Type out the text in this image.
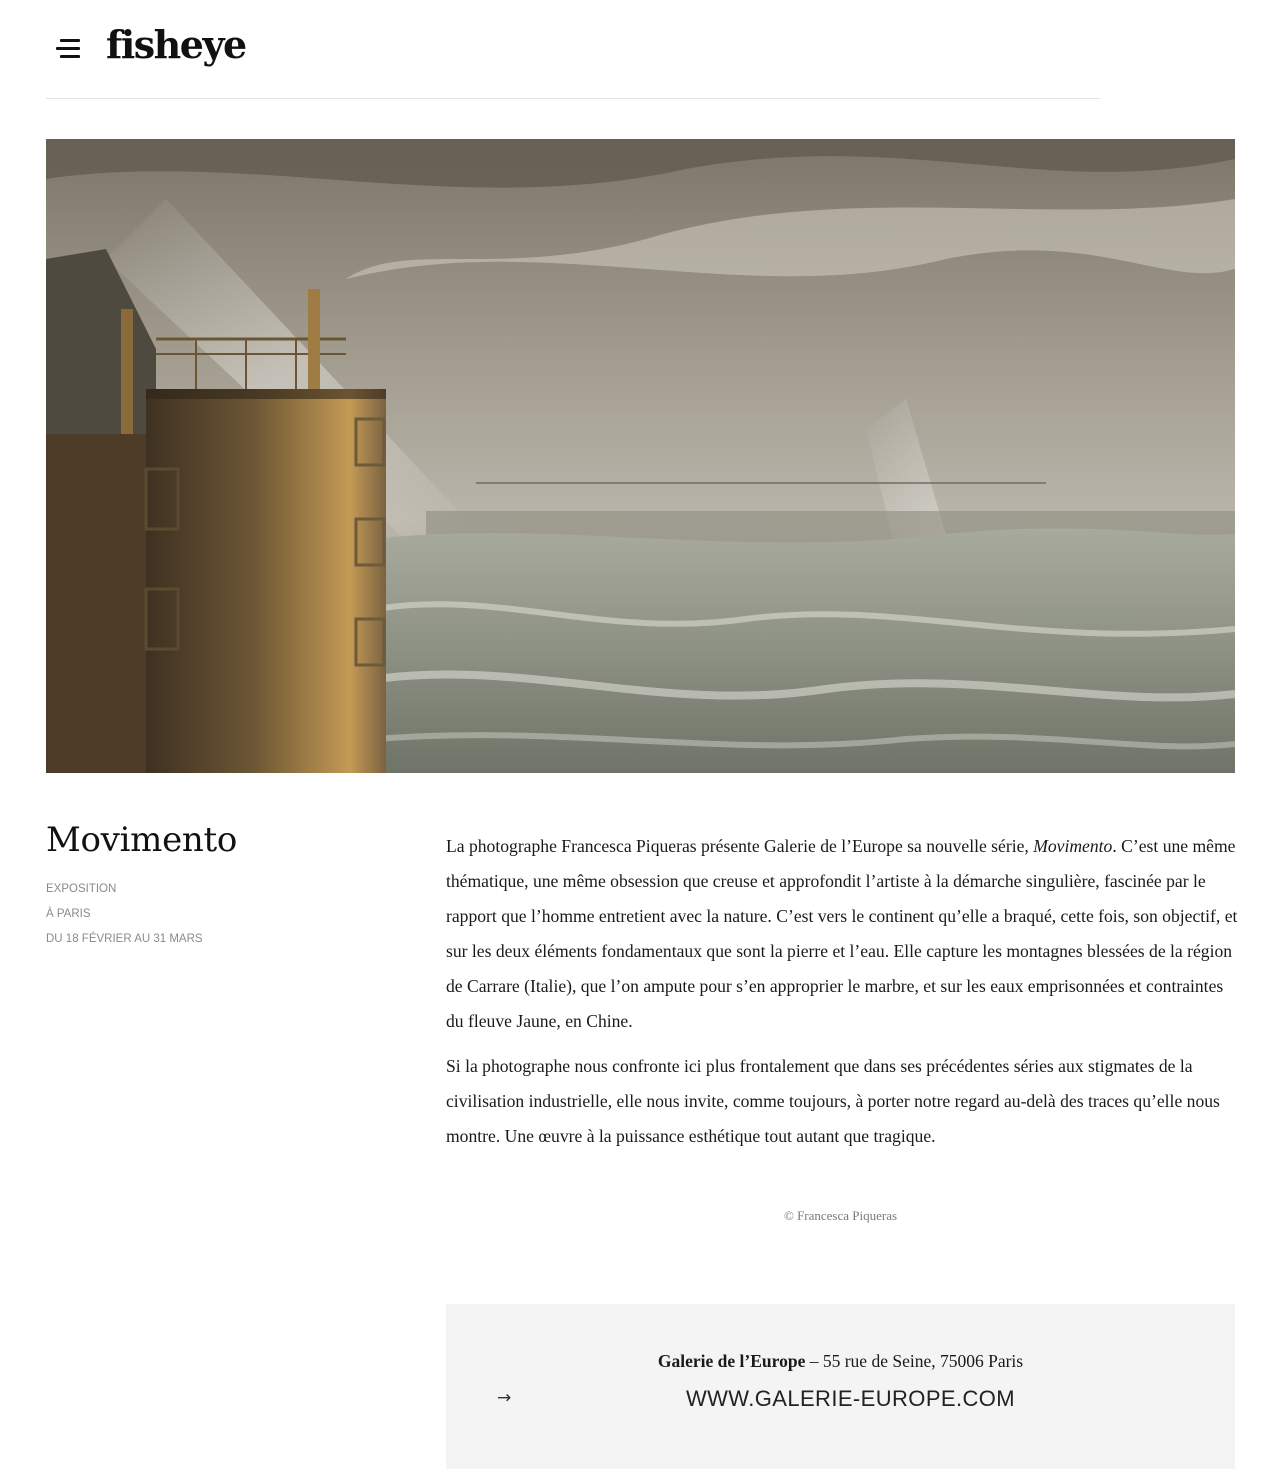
fisheye
Movimento
EXPOSITION
À PARIS
DU 18 FÉVRIER AU 31 MARS

La photographe Francesca Piqueras présente Galerie de l’Europe sa nouvelle série, Movimento. C’est une même thématique, une même obsession que creuse et approfondit l’artiste à la démarche singulière, fascinée par le rapport que l’homme entretient avec la nature. C’est vers le continent qu’elle a braqué, cette fois, son objectif, et sur les deux éléments fondamentaux que sont la pierre et l’eau. Elle capture les montagnes blessées de la région de Carrare (Italie), que l’on ampute pour s’en approprier le marbre, et sur les eaux emprisonnées et contraintes du fleuve Jaune, en Chine.

Si la photographe nous confronte ici plus frontalement que dans ses précédentes séries aux stigmates de la civilisation industrielle, elle nous invite, comme toujours, à porter notre regard au-delà des traces qu’elle nous montre. Une œuvre à la puissance esthétique tout autant que tragique.

© Francesca Piqueras
→
Galerie de l’Europe – 55 rue de Seine, 75006 Paris
WWW.GALERIE-EUROPE.COM
